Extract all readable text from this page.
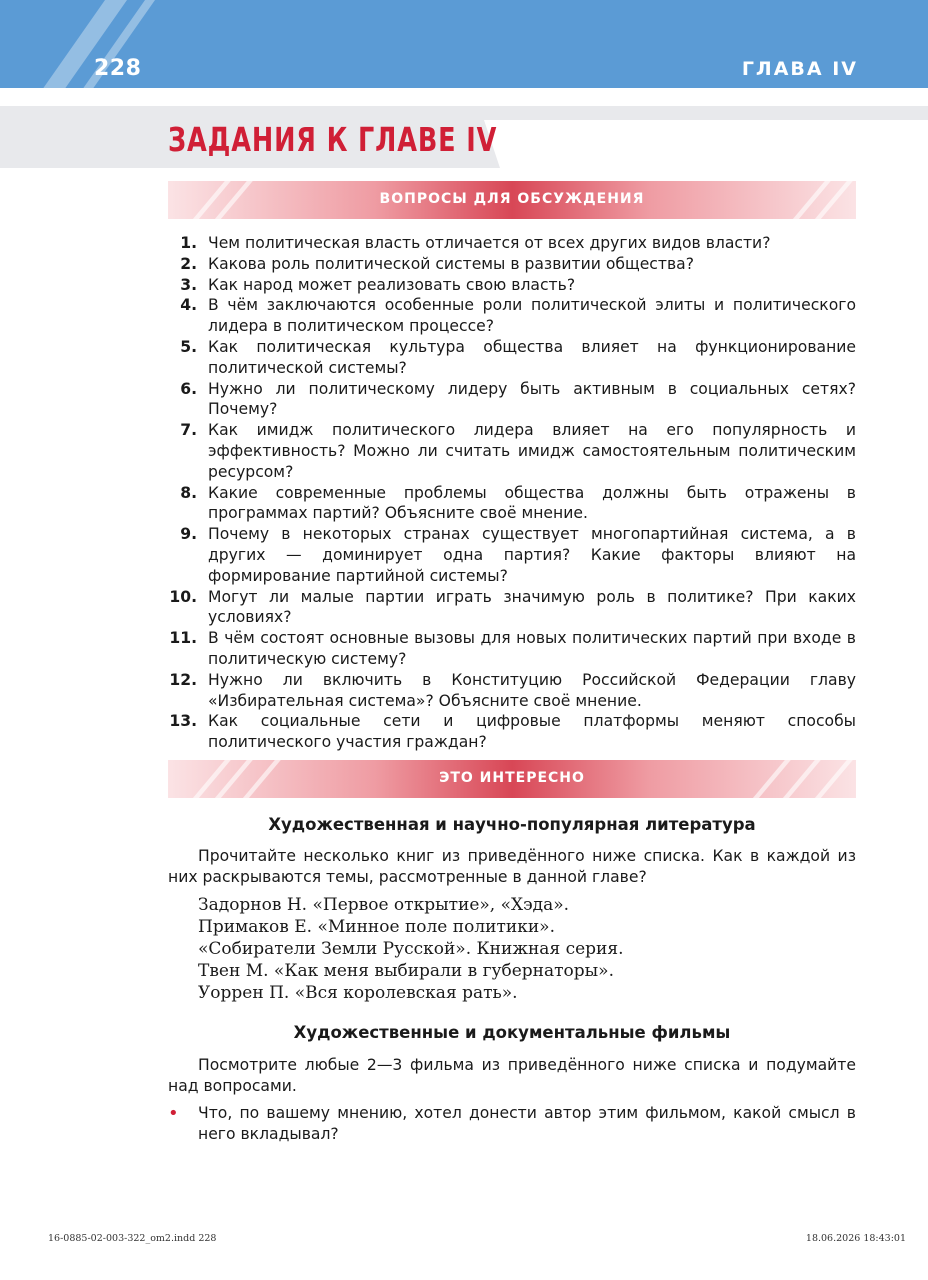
228	ГЛАВА IV
ЗАДАНИЯ К ГЛАВЕ IV
ВОПРОСЫ ДЛЯ ОБСУЖДЕНИЯ
1. Чем политическая власть отличается от всех других видов власти?
2. Какова роль политической системы в развитии общества?
3. Как народ может реализовать свою власть?
4. В чём заключаются особенные роли политической элиты и политического лидера в политическом процессе?
5. Как политическая культура общества влияет на функционирование политической системы?
6. Нужно ли политическому лидеру быть активным в социальных сетях? Почему?
7. Как имидж политического лидера влияет на его популярность и эффективность? Можно ли считать имидж самостоятельным политическим ресурсом?
8. Какие современные проблемы общества должны быть отражены в программах партий? Объясните своё мнение.
9. Почему в некоторых странах существует многопартийная система, а в других — доминирует одна партия? Какие факторы влияют на формирование партийной системы?
10. Могут ли малые партии играть значимую роль в политике? При каких условиях?
11. В чём состоят основные вызовы для новых политических партий при входе в политическую систему?
12. Нужно ли включить в Конституцию Российской Федерации главу «Избирательная система»? Объясните своё мнение.
13. Как социальные сети и цифровые платформы меняют способы политического участия граждан?
ЭТО ИНТЕРЕСНО
Художественная и научно-популярная литература

Прочитайте несколько книг из приведённого ниже списка. Как в каждой из них раскрываются темы, рассмотренные в данной главе?

Задорнов Н. «Первое открытие», «Хэда».
Примаков Е. «Минное поле политики».
«Собиратели Земли Русской». Книжная серия.
Твен М. «Как меня выбирали в губернаторы».
Уоррен П. «Вся королевская рать».
Художественные и документальные фильмы

Посмотрите любые 2—3 фильма из приведённого ниже списка и подумайте над вопросами.

• Что, по вашему мнению, хотел донести автор этим фильмом, какой смысл в него вкладывал?
16-0885-02-003-322_om2.indd 228	18.06.2026 18:43:01
